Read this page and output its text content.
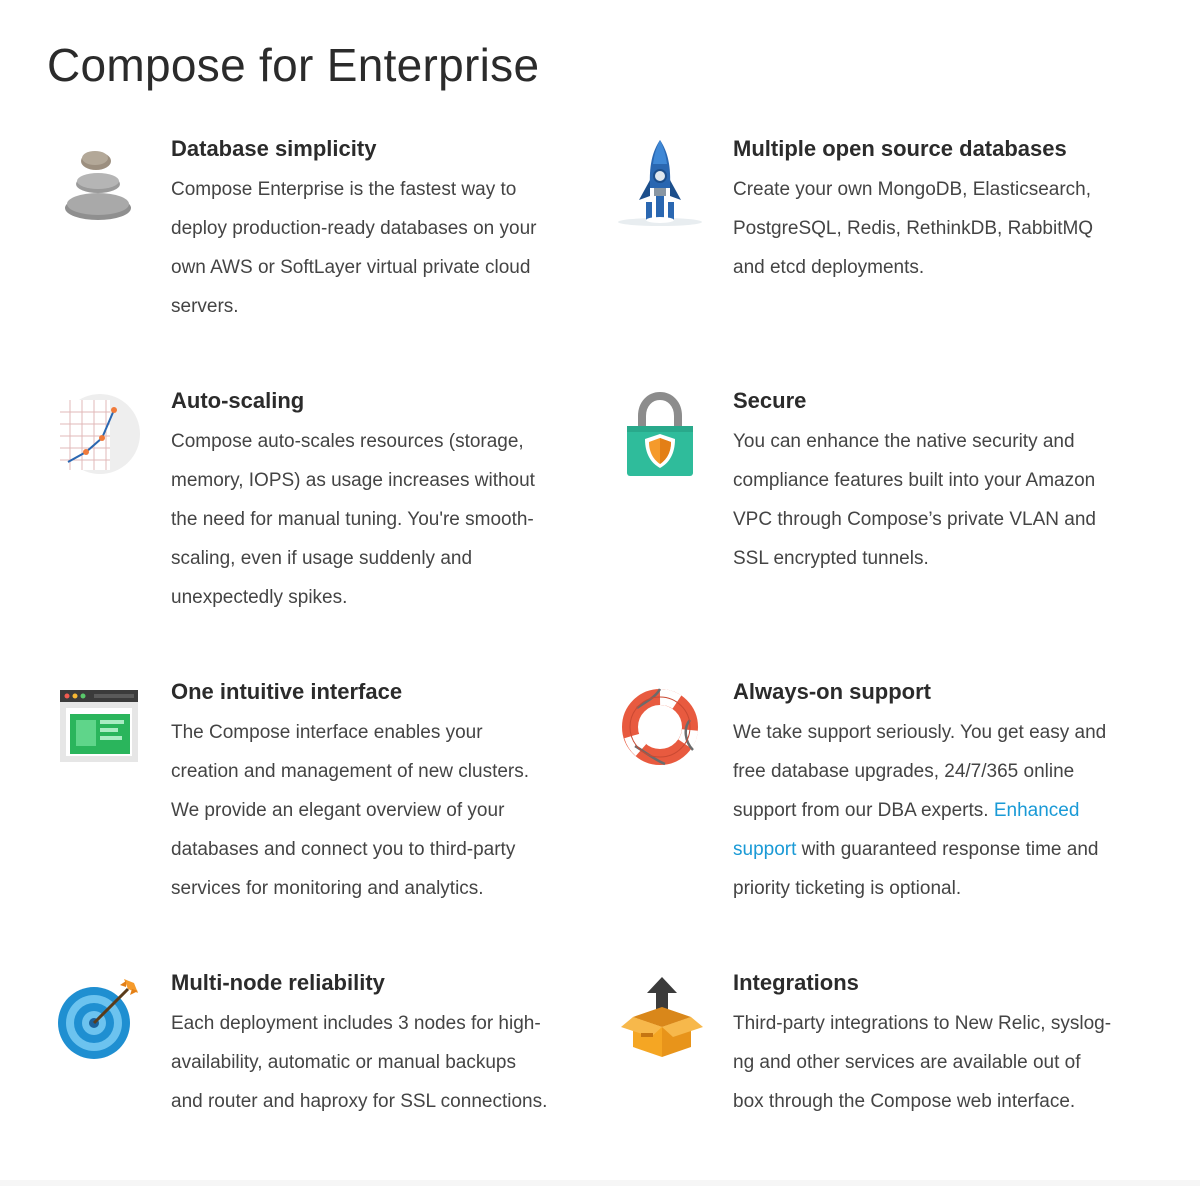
Compose for Enterprise
Database simplicity

Compose Enterprise is the fastest way to
deploy production-ready databases on your
own AWS or SoftLayer virtual private cloud
servers.

Multiple open source databases

Create your own MongoDB, Elasticsearch,
PostgreSQL, Redis, RethinkDB, RabbitMQ
and etcd deployments.

Auto-scaling

Compose auto-scales resources (storage,
memory, IOPS) as usage increases without
the need for manual tuning. You're smooth-
scaling, even if usage suddenly and
unexpectedly spikes.

Secure

You can enhance the native security and
compliance features built into your Amazon
VPC through Compose’s private VLAN and
SSL encrypted tunnels.

One intuitive interface

The Compose interface enables your
creation and management of new clusters.
We provide an elegant overview of your
databases and connect you to third-party
services for monitoring and analytics.

Always-on support

We take support seriously. You get easy and
free database upgrades, 24/7/365 online
support from our DBA experts. Enhanced
support with guaranteed response time and
priority ticketing is optional.

Multi-node reliability

Each deployment includes 3 nodes for high-
availability, automatic or manual backups
and router and haproxy for SSL connections.

Integrations

Third-party integrations to New Relic, syslog-
ng and other services are available out of
box through the Compose web interface.
